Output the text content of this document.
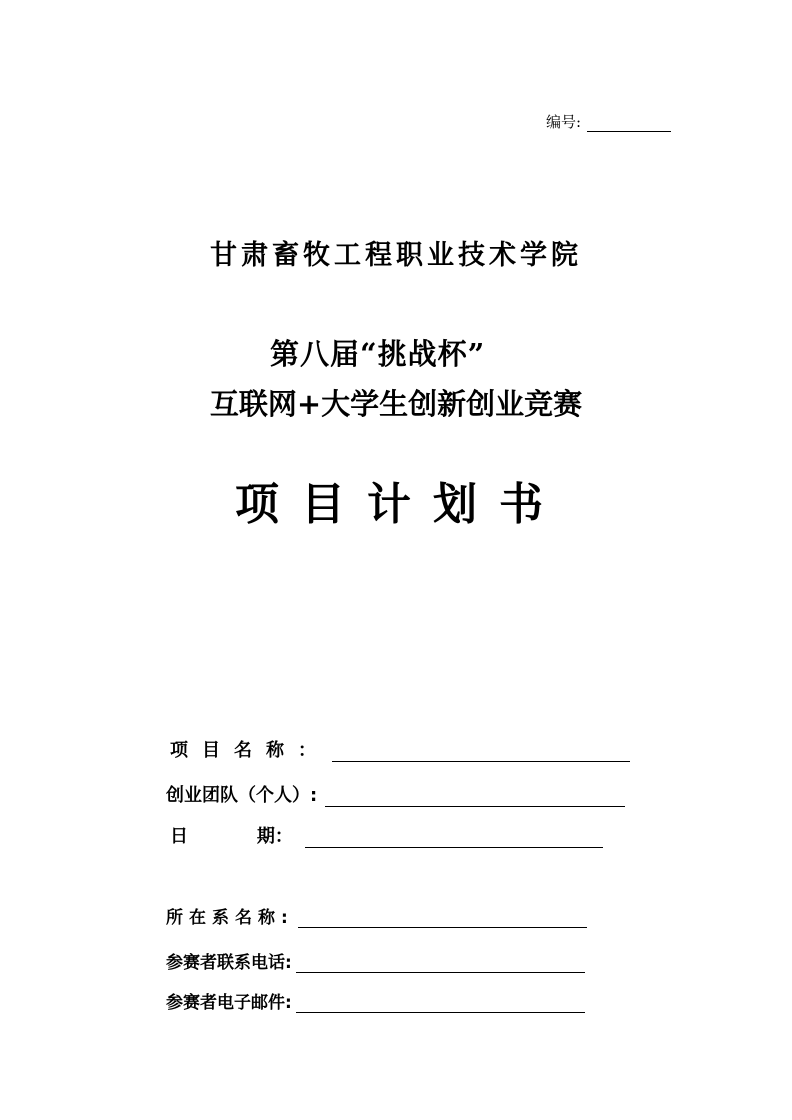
编号:
甘肃畜牧工程职业技术学院
第八届“挑战杯”
互联网+大学生创新创业竞赛
项目计划书
项目名称：
创业团队（个人）:
日           期：
所在系名称:
参赛者联系电话:
参赛者电子邮件:
